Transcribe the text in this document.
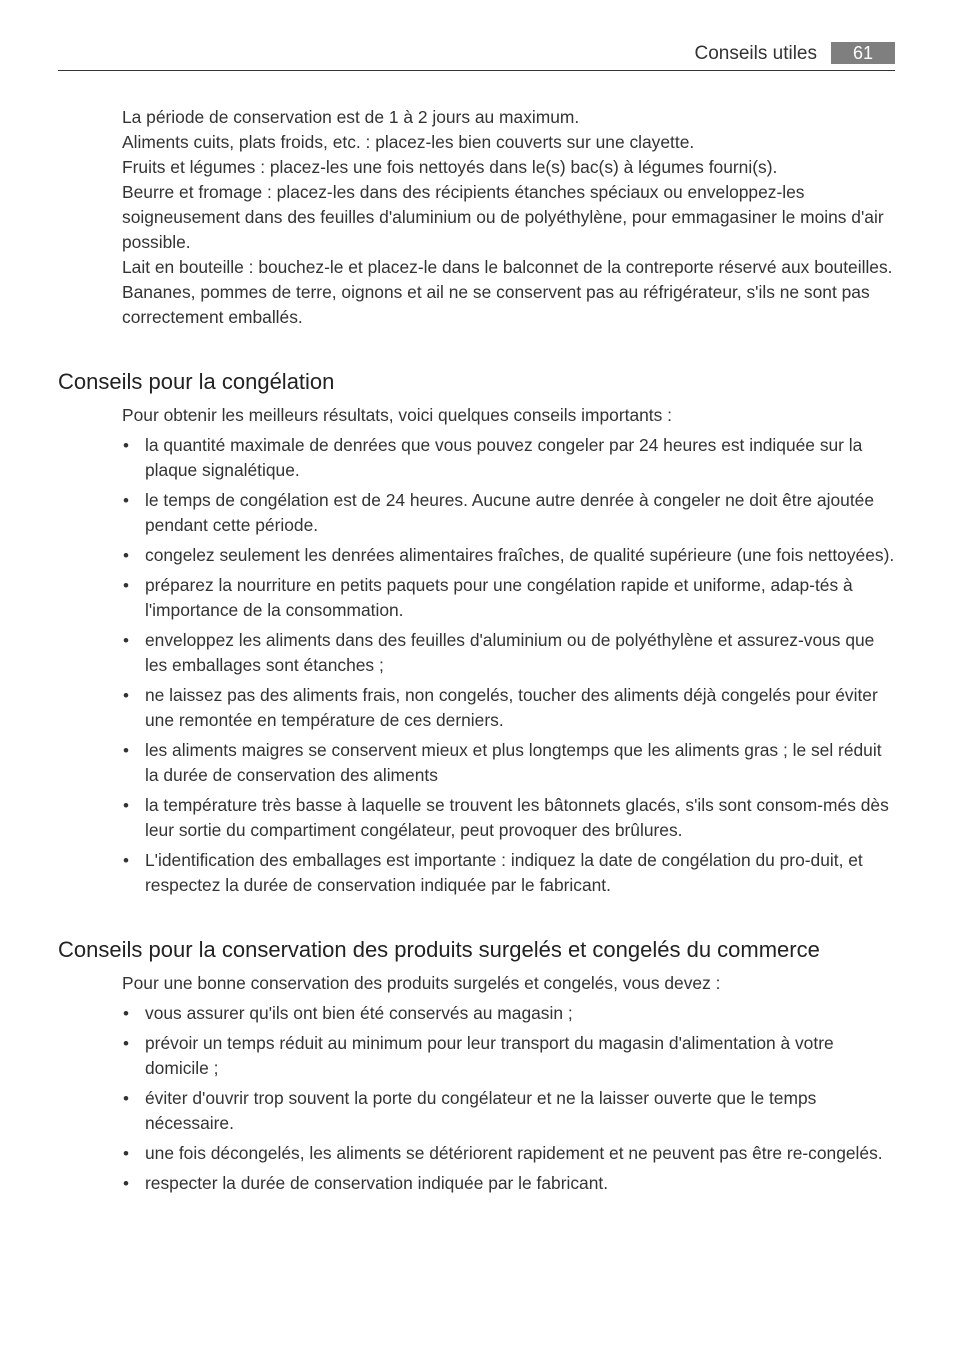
Conseils utiles	61

La période de conservation est de 1 à 2 jours au maximum.

Aliments cuits, plats froids, etc. : placez-les bien couverts sur une clayette.

Fruits et légumes : placez-les une fois nettoyés dans le(s) bac(s) à légumes fourni(s).

Beurre et fromage : placez-les dans des récipients étanches spéciaux ou enveloppez-les soigneusement dans des feuilles d'aluminium ou de polyéthylène, pour emmagasiner le moins d'air possible.

Lait en bouteille : bouchez-le et placez-le dans le balconnet de la contreporte réservé aux bouteilles.

Bananes, pommes de terre, oignons et ail ne se conservent pas au réfrigérateur, s'ils ne sont pas correctement emballés.

Conseils pour la congélation
Pour obtenir les meilleurs résultats, voici quelques conseils importants :
• la quantité maximale de denrées que vous pouvez congeler par 24 heures est indiquée sur la plaque signalétique.
• le temps de congélation est de 24 heures. Aucune autre denrée à congeler ne doit être ajoutée pendant cette période.
• congelez seulement les denrées alimentaires fraîches, de qualité supérieure (une fois nettoyées).
• préparez la nourriture en petits paquets pour une congélation rapide et uniforme, adap-tés à l'importance de la consommation.
• enveloppez les aliments dans des feuilles d'aluminium ou de polyéthylène et assurez-vous que les emballages sont étanches ;
• ne laissez pas des aliments frais, non congelés, toucher des aliments déjà congelés pour éviter une remontée en température de ces derniers.
• les aliments maigres se conservent mieux et plus longtemps que les aliments gras ; le sel réduit la durée de conservation des aliments
• la température très basse à laquelle se trouvent les bâtonnets glacés, s'ils sont consom-més dès leur sortie du compartiment congélateur, peut provoquer des brûlures.
• L'identification des emballages est importante : indiquez la date de congélation du pro-duit, et respectez la durée de conservation indiquée par le fabricant.
Conseils pour la conservation des produits surgelés et congelés du commerce
Pour une bonne conservation des produits surgelés et congelés, vous devez :
• vous assurer qu'ils ont bien été conservés au magasin ;
• prévoir un temps réduit au minimum pour leur transport du magasin d'alimentation à votre domicile ;
• éviter d'ouvrir trop souvent la porte du congélateur et ne la laisser ouverte que le temps nécessaire.
• une fois décongelés, les aliments se détériorent rapidement et ne peuvent pas être re-congelés.
• respecter la durée de conservation indiquée par le fabricant.
